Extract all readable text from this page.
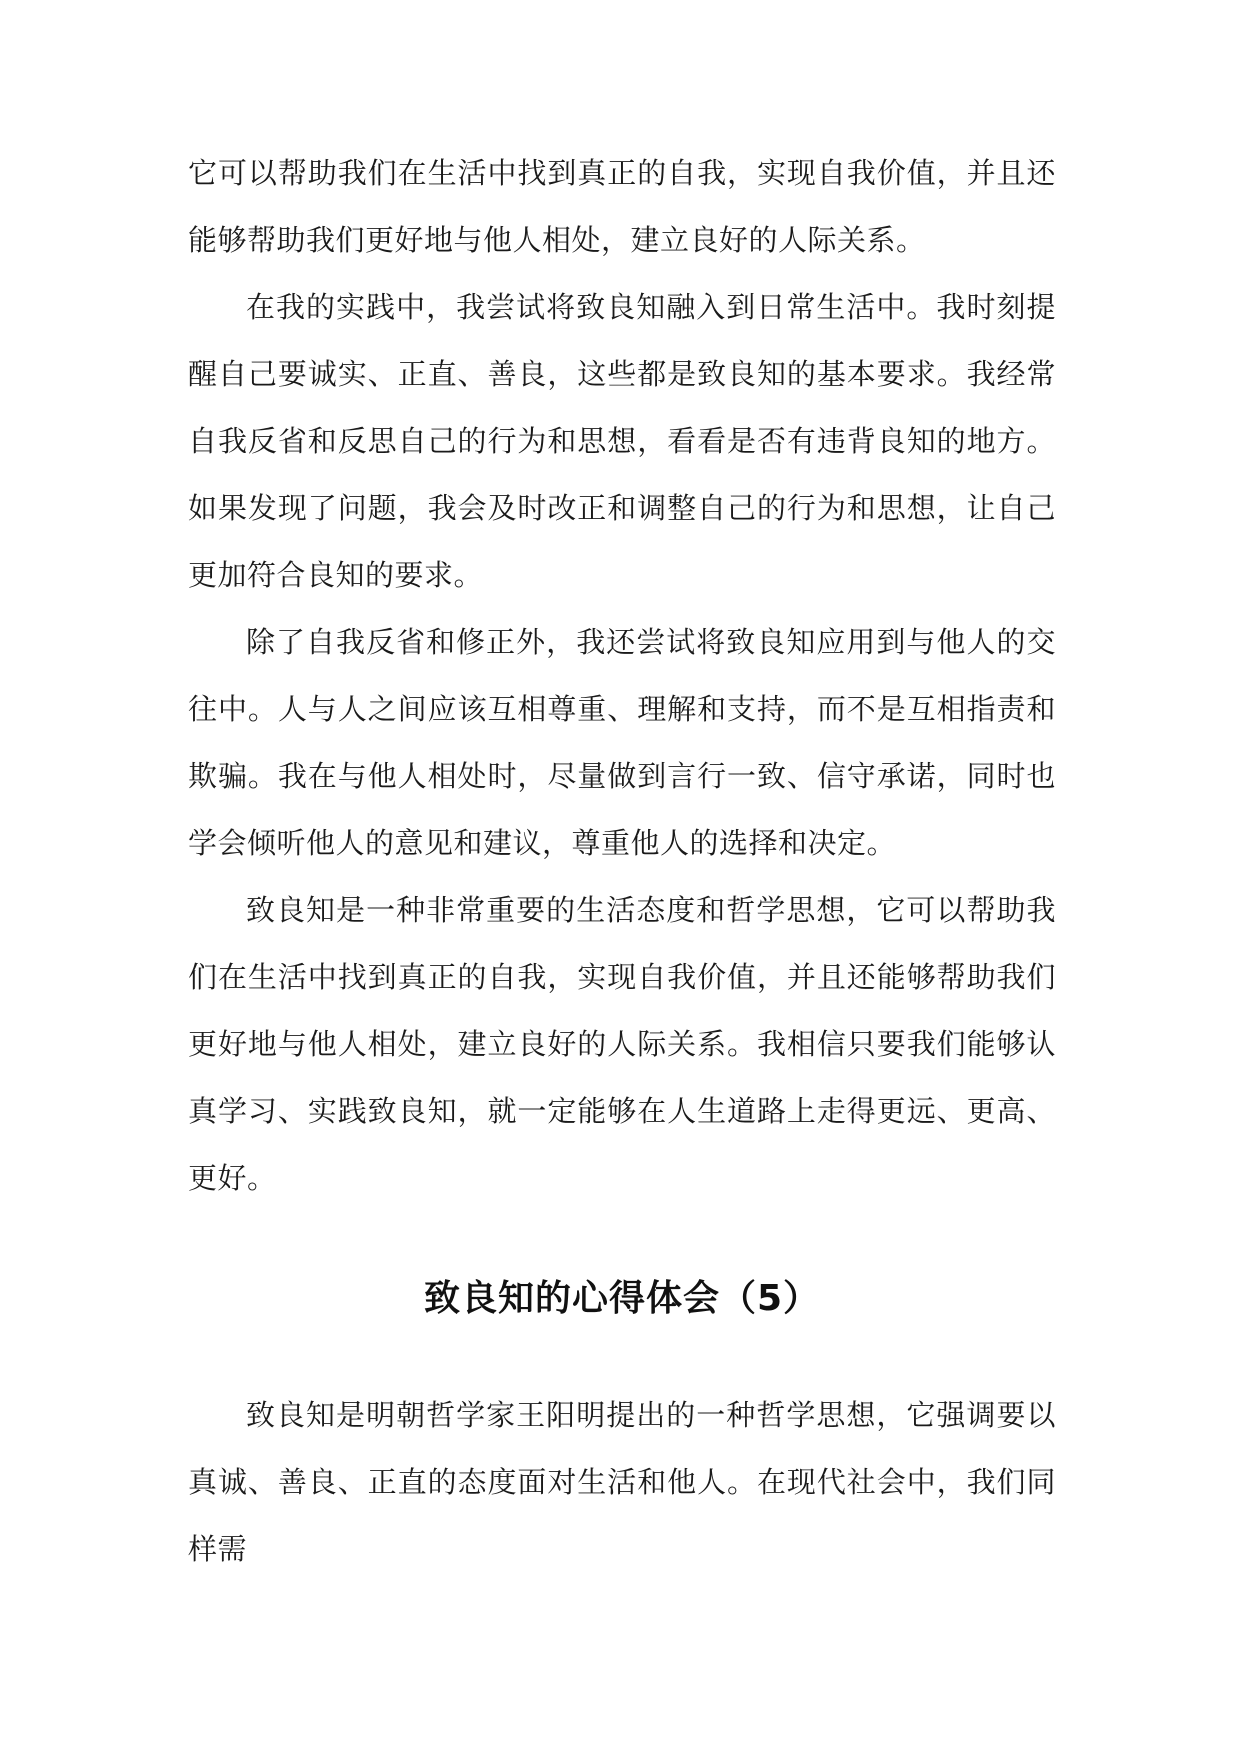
它可以帮助我们在生活中找到真正的自我，实现自我价值，并且还能够帮助我们更好地与他人相处，建立良好的人际关系。

在我的实践中，我尝试将致良知融入到日常生活中。我时刻提醒自己要诚实、正直、善良，这些都是致良知的基本要求。我经常自我反省和反思自己的行为和思想，看看是否有违背良知的地方。如果发现了问题，我会及时改正和调整自己的行为和思想，让自己更加符合良知的要求。

除了自我反省和修正外，我还尝试将致良知应用到与他人的交往中。人与人之间应该互相尊重、理解和支持，而不是互相指责和欺骗。我在与他人相处时，尽量做到言行一致、信守承诺，同时也学会倾听他人的意见和建议，尊重他人的选择和决定。

致良知是一种非常重要的生活态度和哲学思想，它可以帮助我们在生活中找到真正的自我，实现自我价值，并且还能够帮助我们更好地与他人相处，建立良好的人际关系。我相信只要我们能够认真学习、实践致良知，就一定能够在人生道路上走得更远、更高、更好。

致良知的心得体会（5）

致良知是明朝哲学家王阳明提出的一种哲学思想，它强调要以真诚、善良、正直的态度面对生活和他人。在现代社会中，我们同样需
